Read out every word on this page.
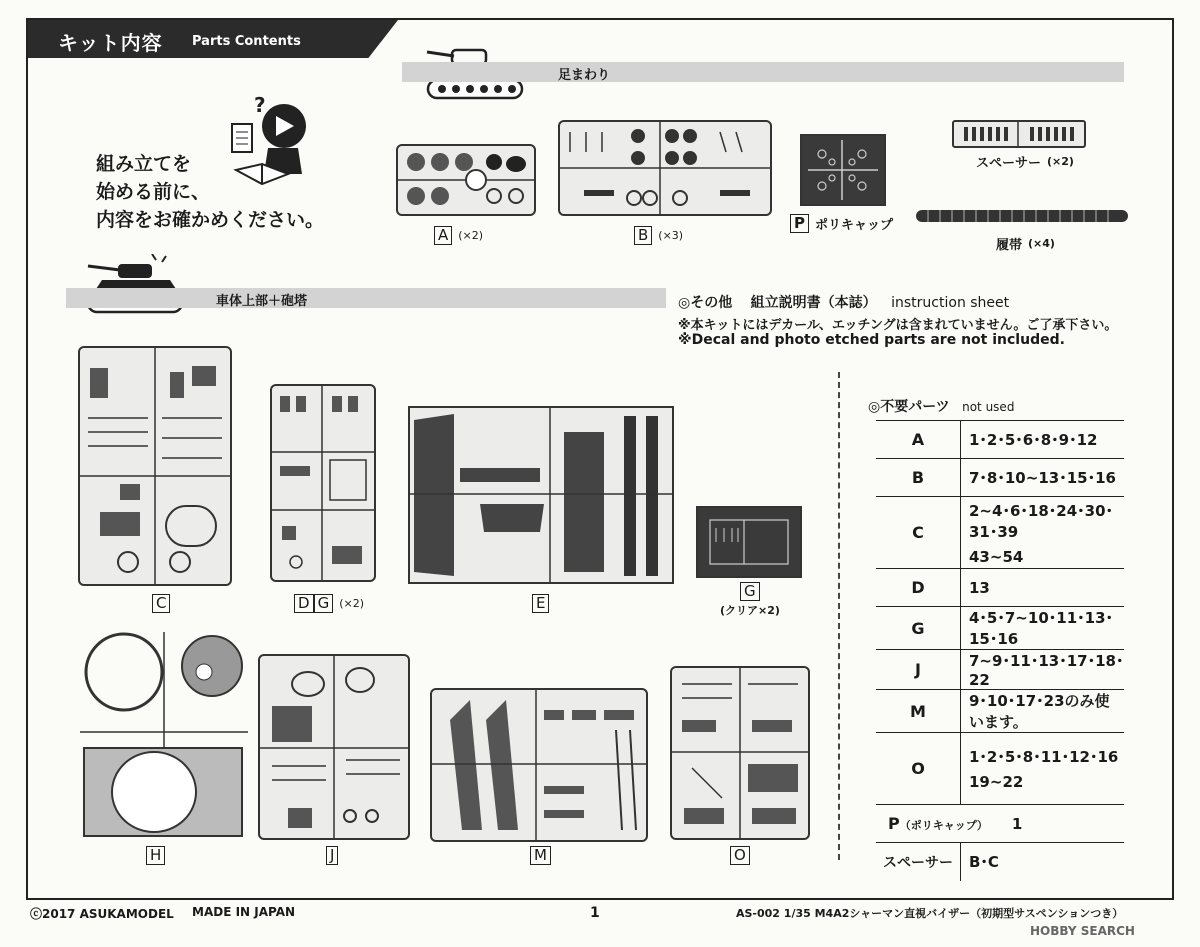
キット内容 Parts Contents
足まわり
?
組み立てを
始める前に、
内容をお確かめください。
A (×2)	B (×3)
P ポリキャップ
スペーサー (×2)
履帯 (×4)
車体上部＋砲塔	◎その他 組立説明書（本誌） instruction sheet
※本キットにはデカール、エッチングは含まれていません。ご了承下さい。
※Decal and photo etched parts are not included.
C	D G (×2)	E
G
(クリア×2)
H	J	M	O
◎不要パーツ not used
A	1･2･5･6･8･9･12
B	7･8･10~13･15･16
C	2~4･6･18･24･30･31･39
43~54

D	13
G	4･5･7~10･11･13･15･16
J	7~9･11･13･17･18･22
M	9･10･17･23のみ使います。
O	1･2･5･8･11･12･16
19~22

P（ポリキャップ） 1	
スペーサー	B･C
ⓒ2017 ASUKAMODEL MADE IN JAPAN	1	AS-002 1/35 M4A2シャーマン直視バイザー（初期型サスペンションつき）
HOBBY SEARCH
